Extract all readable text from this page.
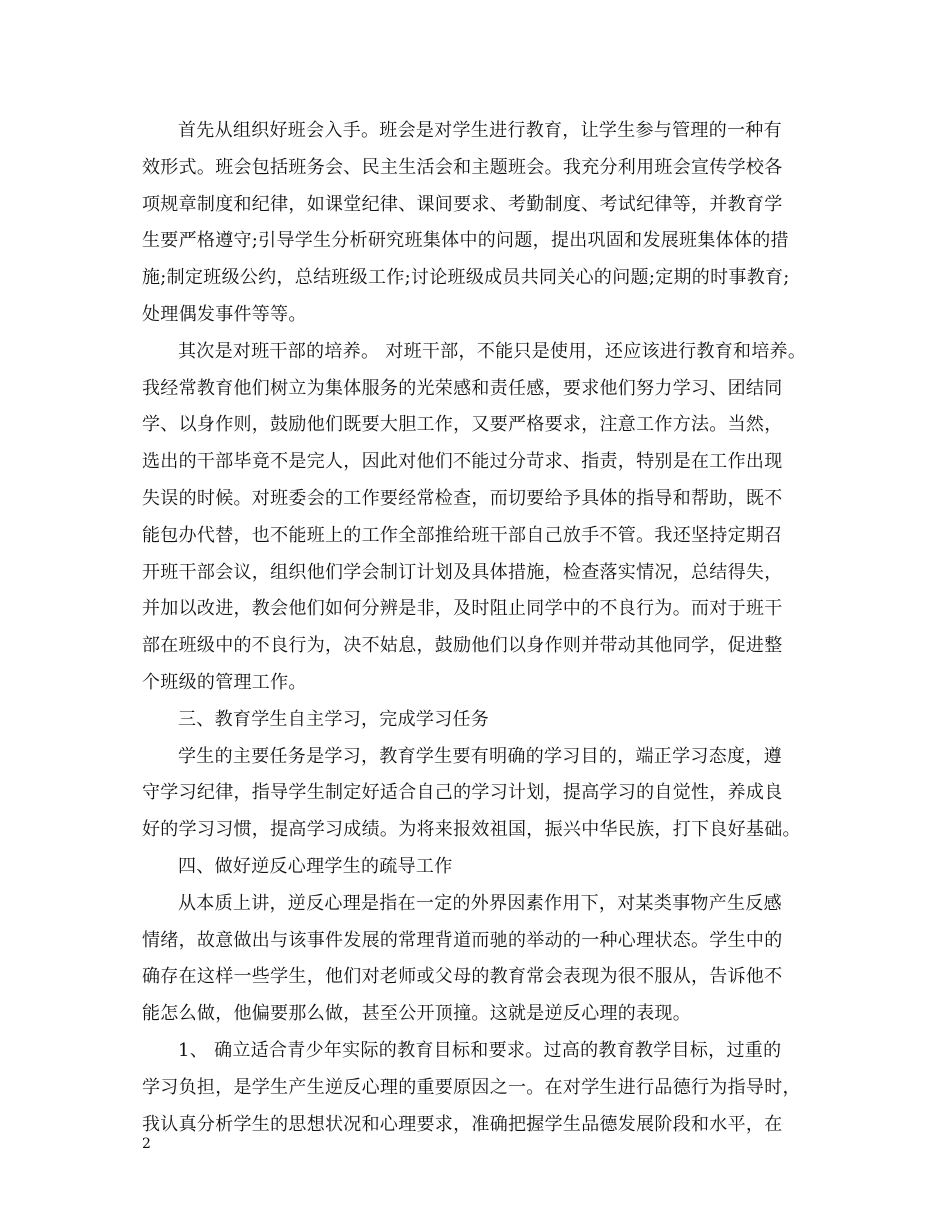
首先从组织好班会入手。班会是对学生进行教育，让学生参与管理的一种有
效形式。班会包括班务会、民主生活会和主题班会。我充分利用班会宣传学校各
项规章制度和纪律，如课堂纪律、课间要求、考勤制度、考试纪律等，并教育学
生要严格遵守;引导学生分析研究班集体中的问题，提出巩固和发展班集体体的措
施;制定班级公约，总结班级工作;讨论班级成员共同关心的问题;定期的时事教育;
处理偶发事件等等。
其次是对班干部的培养。 对班干部，不能只是使用，还应该进行教育和培养。
我经常教育他们树立为集体服务的光荣感和责任感，要求他们努力学习、团结同
学、以身作则，鼓励他们既要大胆工作，又要严格要求，注意工作方法。当然，
选出的干部毕竟不是完人，因此对他们不能过分苛求、指责，特别是在工作出现
失误的时候。对班委会的工作要经常检查，而切要给予具体的指导和帮助，既不
能包办代替，也不能班上的工作全部推给班干部自己放手不管。我还坚持定期召
开班干部会议，组织他们学会制订计划及具体措施，检查落实情况，总结得失，
并加以改进，教会他们如何分辨是非，及时阻止同学中的不良行为。而对于班干
部在班级中的不良行为，决不姑息，鼓励他们以身作则并带动其他同学，促进整
个班级的管理工作。
三、教育学生自主学习，完成学习任务
学生的主要任务是学习，教育学生要有明确的学习目的，端正学习态度，遵
守学习纪律，指导学生制定好适合自己的学习计划，提高学习的自觉性，养成良
好的学习习惯，提高学习成绩。为将来报效祖国，振兴中华民族，打下良好基础。
四、做好逆反心理学生的疏导工作
从本质上讲，逆反心理是指在一定的外界因素作用下，对某类事物产生反感
情绪，故意做出与该事件发展的常理背道而驰的举动的一种心理状态。学生中的
确存在这样一些学生，他们对老师或父母的教育常会表现为很不服从，告诉他不
能怎么做，他偏要那么做，甚至公开顶撞。这就是逆反心理的表现。
1、 确立适合青少年实际的教育目标和要求。过高的教育教学目标，过重的
学习负担，是学生产生逆反心理的重要原因之一。在对学生进行品德行为指导时，
我认真分析学生的思想状况和心理要求，准确把握学生品德发展阶段和水平，在
2
